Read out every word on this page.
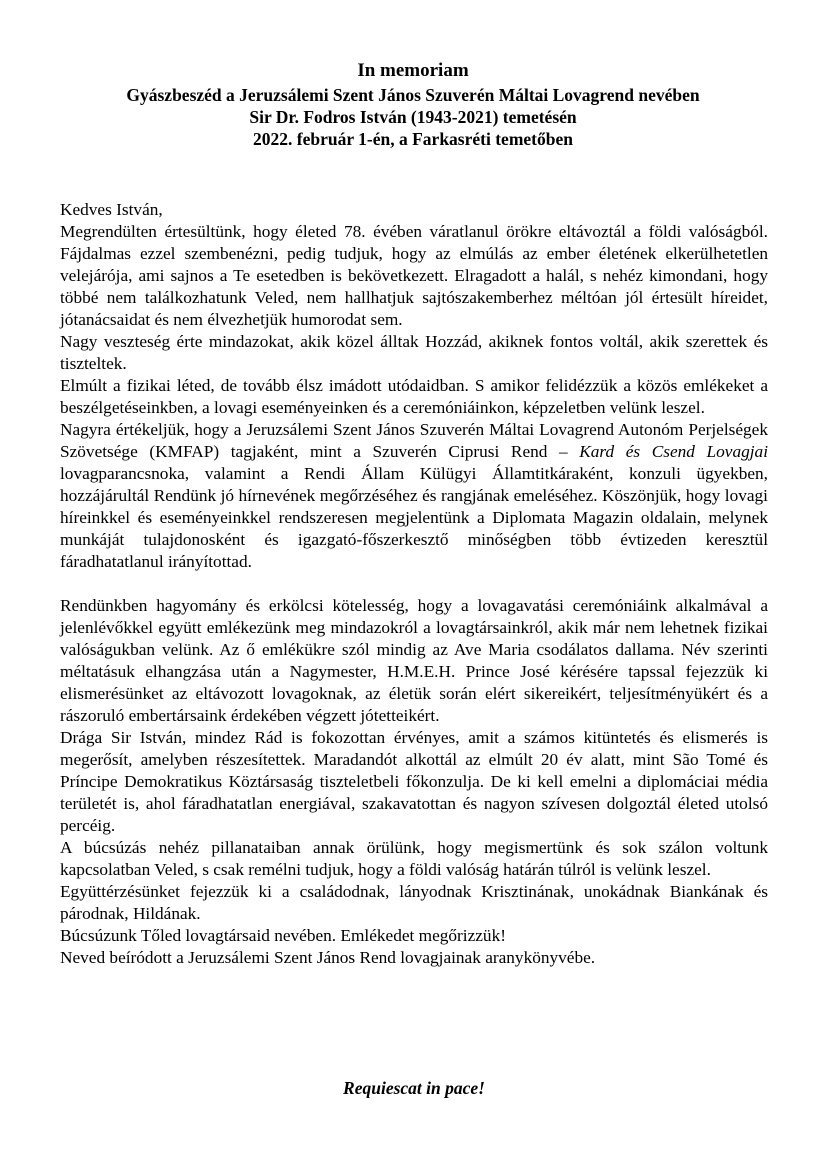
In memoriam
Gyászbeszéd a Jeruzsálemi Szent János Szuverén Máltai Lovagrend nevében
Sir Dr. Fodros István (1943-2021) temetésén
2022. február 1-én, a Farkasréti temetőben

Kedves István,

Megrendülten értesültünk, hogy életed 78. évében váratlanul örökre eltávoztál a földi valóságból. Fájdalmas ezzel szembenézni, pedig tudjuk, hogy az elmúlás az ember életének elkerülhetetlen velejárója, ami sajnos a Te esetedben is bekövetkezett. Elragadott a halál, s nehéz kimondani, hogy többé nem találkozhatunk Veled, nem hallhatjuk sajtószakemberhez méltóan jól értesült híreidet, jótanácsaidat és nem élvezhetjük humorodat sem.

Nagy veszteség érte mindazokat, akik közel álltak Hozzád, akiknek fontos voltál, akik szerettek és tiszteltek.

Elmúlt a fizikai léted, de tovább élsz imádott utódaidban. S amikor felidézzük a közös emlékeket a beszélgetéseinkben, a lovagi eseményeinken és a ceremóniáinkon, képzeletben velünk leszel.

Nagyra értékeljük, hogy a Jeruzsálemi Szent János Szuverén Máltai Lovagrend Autonóm Perjelségek Szövetsége (KMFAP) tagjaként, mint a Szuverén Ciprusi Rend – Kard és Csend Lovagjai lovagparancsnoka, valamint a Rendi Állam Külügyi Államtitkáraként, konzuli ügyekben, hozzájárultál Rendünk jó hírnevének megőrzéséhez és rangjának emeléséhez. Köszönjük, hogy lovagi híreinkkel és eseményeinkkel rendszeresen megjelentünk a Diplomata Magazin oldalain, melynek munkáját tulajdonosként és igazgató-főszerkesztő minőségben több évtizeden keresztül fáradhatatlanul irányítottad.

Rendünkben hagyomány és erkölcsi kötelesség, hogy a lovagavatási ceremóniáink alkalmával a jelenlévőkkel együtt emlékezünk meg mindazokról a lovagtársainkról, akik már nem lehetnek fizikai valóságukban velünk. Az ő emlékükre szól mindig az Ave Maria csodálatos dallama. Név szerinti méltatásuk elhangzása után a Nagymester, H.M.E.H. Prince José kérésére tapssal fejezzük ki elismerésünket az eltávozott lovagoknak, az életük során elért sikereikért, teljesítményükért és a rászoruló embertársaink érdekében végzett jótetteikért.

Drága Sir István, mindez Rád is fokozottan érvényes, amit a számos kitüntetés és elismerés is megerősít, amelyben részesítettek. Maradandót alkottál az elmúlt 20 év alatt, mint São Tomé és Príncipe Demokratikus Köztársaság tiszteletbeli főkonzulja. De ki kell emelni a diplomáciai média területét is, ahol fáradhatatlan energiával, szakavatottan és nagyon szívesen dolgoztál életed utolsó percéig.

A búcsúzás nehéz pillanataiban annak örülünk, hogy megismertünk és sok szálon voltunk kapcsolatban Veled, s csak remélni tudjuk, hogy a földi valóság határán túlról is velünk leszel.

Együttérzésünket fejezzük ki a családodnak, lányodnak Krisztinának, unokádnak Biankának és párodnak, Hildának.

Búcsúzunk Tőled lovagtársaid nevében. Emlékedet megőrizzük!

Neved beíródott a Jeruzsálemi Szent János Rend lovagjainak aranykönyvébe.

Requiescat in pace!
